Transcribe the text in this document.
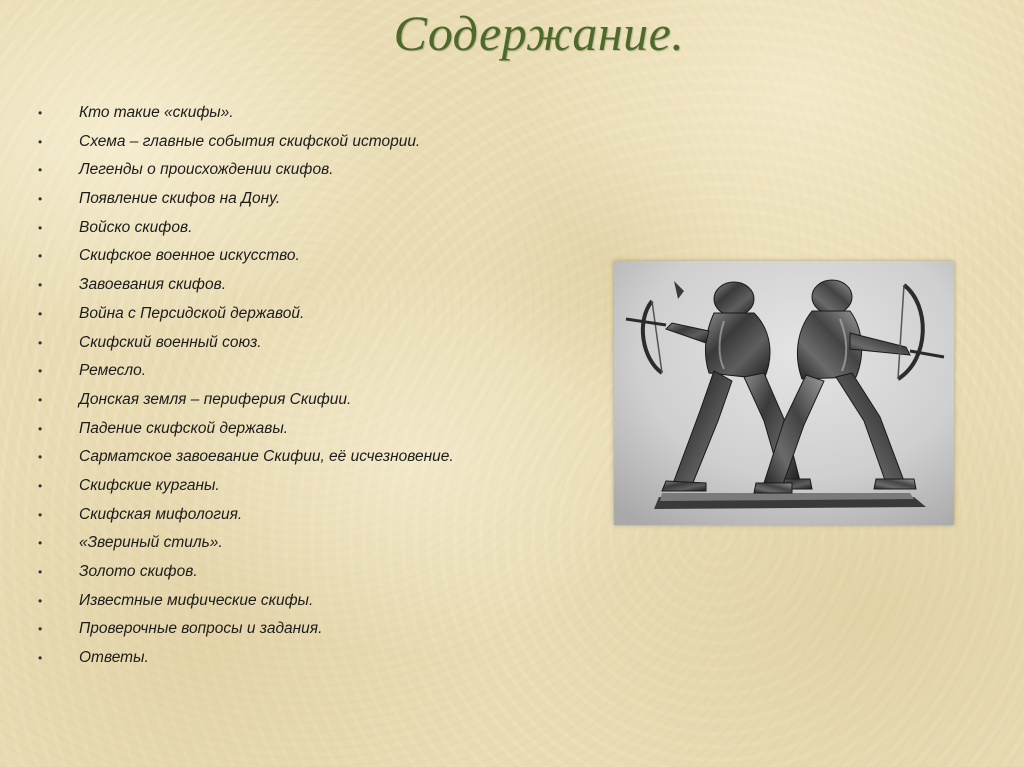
Содержание.
• Кто такие «скифы».
• Схема – главные события скифской истории.
• Легенды о происхождении скифов.
• Появление скифов на Дону.
• Войско скифов.
• Скифское военное искусство.
• Завоевания скифов.
• Война с Персидской державой.
• Скифский военный союз.
• Ремесло.
• Донская земля – периферия Скифии.
• Падение скифской державы.
• Сарматское завоевание Скифии, её исчезновение.
• Скифские курганы.
• Скифская мифология.
• «Звериный стиль».
• Золото скифов.
• Известные мифические скифы.
• Проверочные вопросы и задания.
• Ответы.
